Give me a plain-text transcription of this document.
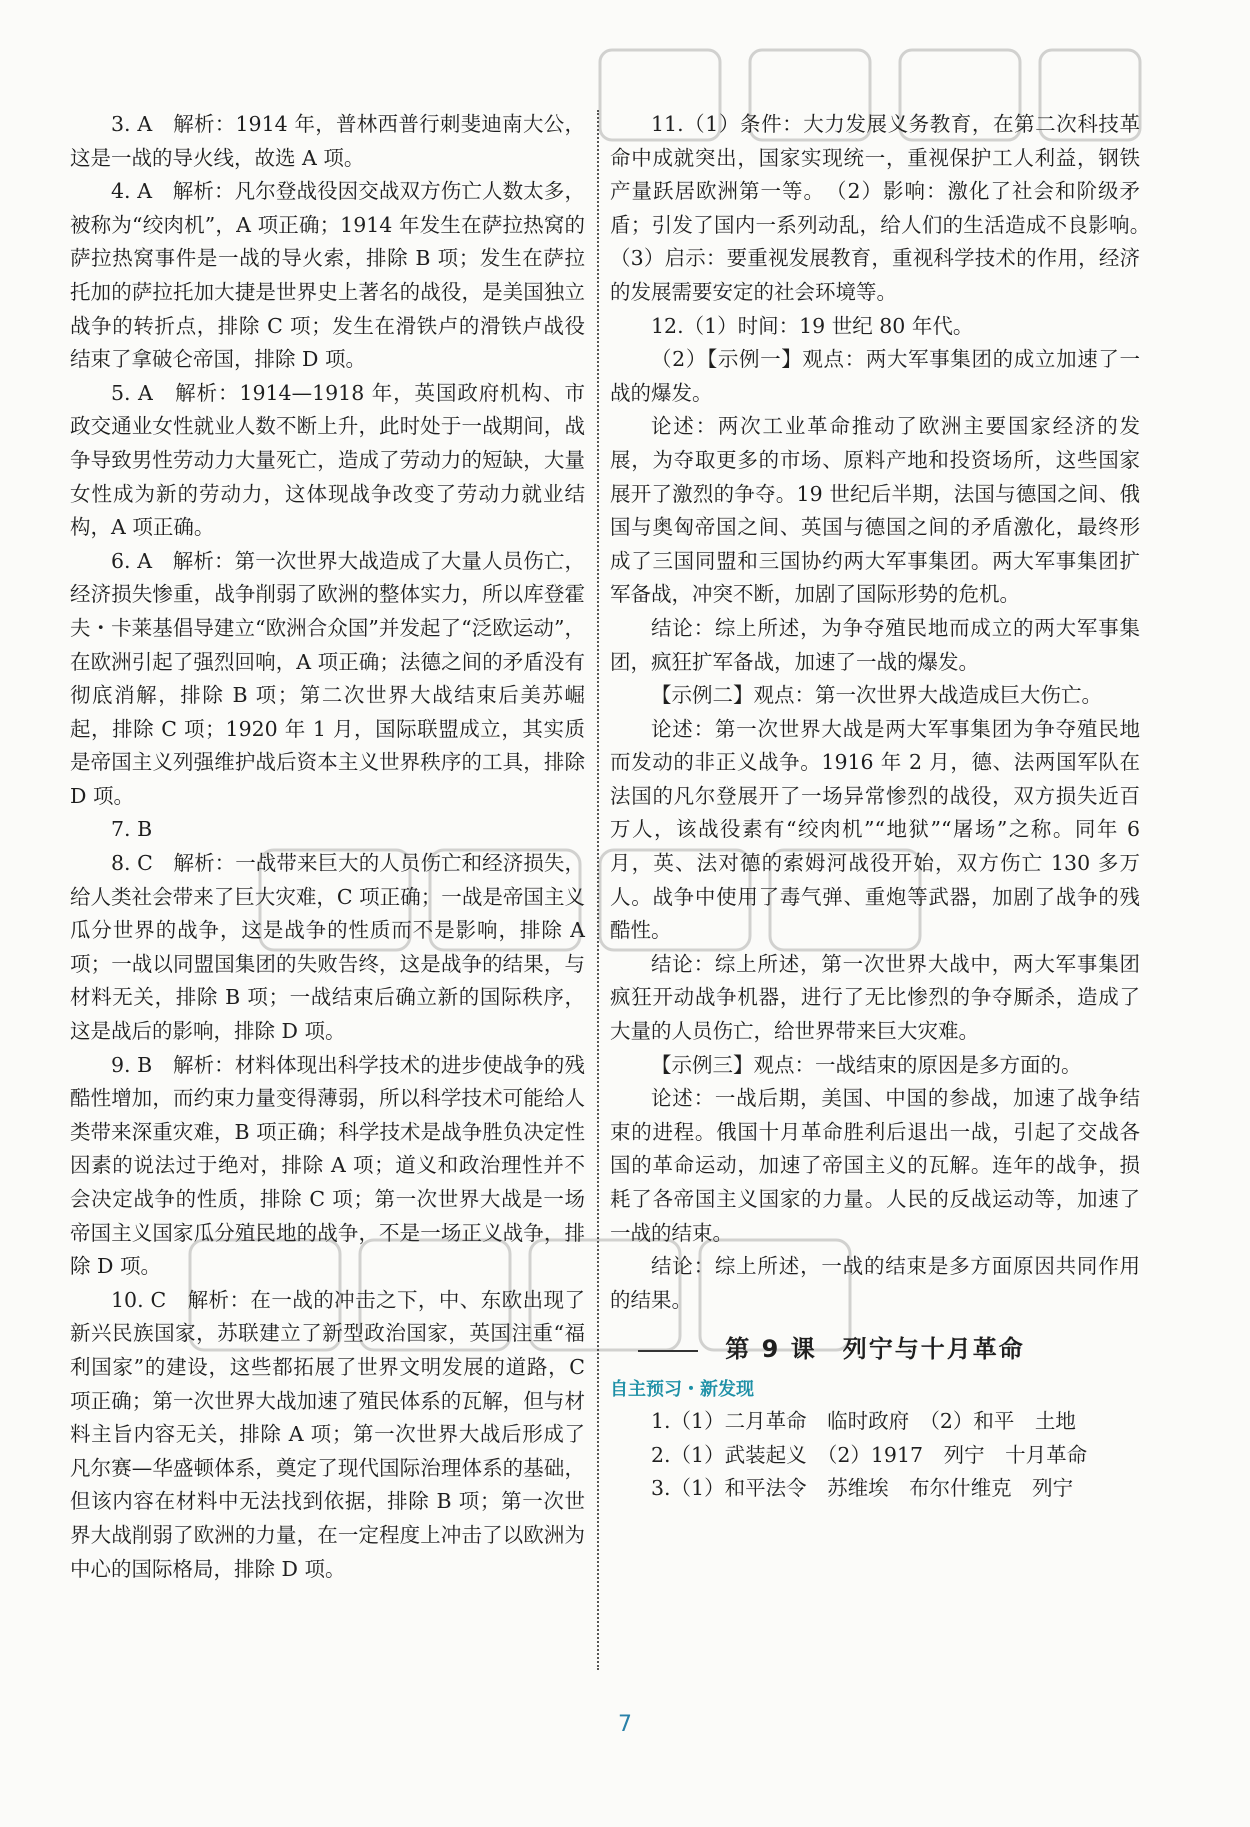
3. A　解析：1914 年，普林西普行刺斐迪南大公，这是一战的导火线，故选 A 项。

4. A　解析：凡尔登战役因交战双方伤亡人数太多，被称为“绞肉机”，A 项正确；1914 年发生在萨拉热窝的萨拉热窝事件是一战的导火索，排除 B 项；发生在萨拉托加的萨拉托加大捷是世界史上著名的战役，是美国独立战争的转折点，排除 C 项；发生在滑铁卢的滑铁卢战役结束了拿破仑帝国，排除 D 项。

5. A　解析：1914—1918 年，英国政府机构、市政交通业女性就业人数不断上升，此时处于一战期间，战争导致男性劳动力大量死亡，造成了劳动力的短缺，大量女性成为新的劳动力，这体现战争改变了劳动力就业结构，A 项正确。

6. A　解析：第一次世界大战造成了大量人员伤亡，经济损失惨重，战争削弱了欧洲的整体实力，所以库登霍夫・卡莱基倡导建立“欧洲合众国”并发起了“泛欧运动”，在欧洲引起了强烈回响，A 项正确；法德之间的矛盾没有彻底消解，排除 B 项；第二次世界大战结束后美苏崛起，排除 C 项；1920 年 1 月，国际联盟成立，其实质是帝国主义列强维护战后资本主义世界秩序的工具，排除 D 项。

7. B

8. C　解析：一战带来巨大的人员伤亡和经济损失，给人类社会带来了巨大灾难，C 项正确；一战是帝国主义瓜分世界的战争，这是战争的性质而不是影响，排除 A 项；一战以同盟国集团的失败告终，这是战争的结果，与材料无关，排除 B 项；一战结束后确立新的国际秩序，这是战后的影响，排除 D 项。

9. B　解析：材料体现出科学技术的进步使战争的残酷性增加，而约束力量变得薄弱，所以科学技术可能给人类带来深重灾难，B 项正确；科学技术是战争胜负决定性因素的说法过于绝对，排除 A 项；道义和政治理性并不会决定战争的性质，排除 C 项；第一次世界大战是一场帝国主义国家瓜分殖民地的战争，不是一场正义战争，排除 D 项。

10. C　解析：在一战的冲击之下，中、东欧出现了新兴民族国家，苏联建立了新型政治国家，英国注重“福利国家”的建设，这些都拓展了世界文明发展的道路，C 项正确；第一次世界大战加速了殖民体系的瓦解，但与材料主旨内容无关，排除 A 项；第一次世界大战后形成了凡尔赛—华盛顿体系，奠定了现代国际治理体系的基础，但该内容在材料中无法找到依据，排除 B 项；第一次世界大战削弱了欧洲的力量，在一定程度上冲击了以欧洲为中心的国际格局，排除 D 项。

11.（1）条件：大力发展义务教育，在第二次科技革命中成就突出，国家实现统一，重视保护工人利益，钢铁产量跃居欧洲第一等。　（2）影响：激化了社会和阶级矛盾；引发了国内一系列动乱，给人们的生活造成不良影响。　（3）启示：要重视发展教育，重视科学技术的作用，经济的发展需要安定的社会环境等。

12.（1）时间：19 世纪 80 年代。

（2）【示例一】观点：两大军事集团的成立加速了一战的爆发。

论述：两次工业革命推动了欧洲主要国家经济的发展，为夺取更多的市场、原料产地和投资场所，这些国家展开了激烈的争夺。19 世纪后半期，法国与德国之间、俄国与奥匈帝国之间、英国与德国之间的矛盾激化，最终形成了三国同盟和三国协约两大军事集团。两大军事集团扩军备战，冲突不断，加剧了国际形势的危机。

结论：综上所述，为争夺殖民地而成立的两大军事集团，疯狂扩军备战，加速了一战的爆发。

【示例二】观点：第一次世界大战造成巨大伤亡。

论述：第一次世界大战是两大军事集团为争夺殖民地而发动的非正义战争。1916 年 2 月，德、法两国军队在法国的凡尔登展开了一场异常惨烈的战役，双方损失近百万人，该战役素有“绞肉机”“地狱”“屠场”之称。同年 6 月，英、法对德的索姆河战役开始，双方伤亡 130 多万人。战争中使用了毒气弹、重炮等武器，加剧了战争的残酷性。

结论：综上所述，第一次世界大战中，两大军事集团疯狂开动战争机器，进行了无比惨烈的争夺厮杀，造成了大量的人员伤亡，给世界带来巨大灾难。

【示例三】观点：一战结束的原因是多方面的。

论述：一战后期，美国、中国的参战，加速了战争结束的进程。俄国十月革命胜利后退出一战，引起了交战各国的革命运动，加速了帝国主义的瓦解。连年的战争，损耗了各帝国主义国家的力量。人民的反战运动等，加速了一战的结束。

结论：综上所述，一战的结束是多方面原因共同作用的结果。

第 9 课　列宁与十月革命
自主预习・新发现

1.（1）二月革命　临时政府　（2）和平　土地

2.（1）武装起义　（2）1917　列宁　十月革命

3.（1）和平法令　苏维埃　布尔什维克　列宁

7
